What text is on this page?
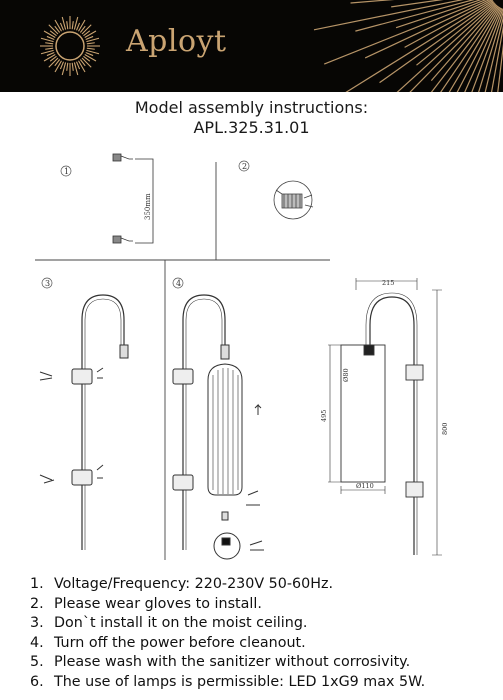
Aployt
Model assembly instructions:
APL.325.31.01
1
2
3	4
350mm
215
Ø80
495
800
Ø110
1. Voltage/Frequency: 220-230V 50-60Hz.
2. Please wear gloves to install.
3. Don`t install it on the moist ceiling.
4. Turn off the power before cleanout.
5. Please wash with the sanitizer without corrosivity.
6. The use of lamps is permissible: LED 1xG9 max 5W.
